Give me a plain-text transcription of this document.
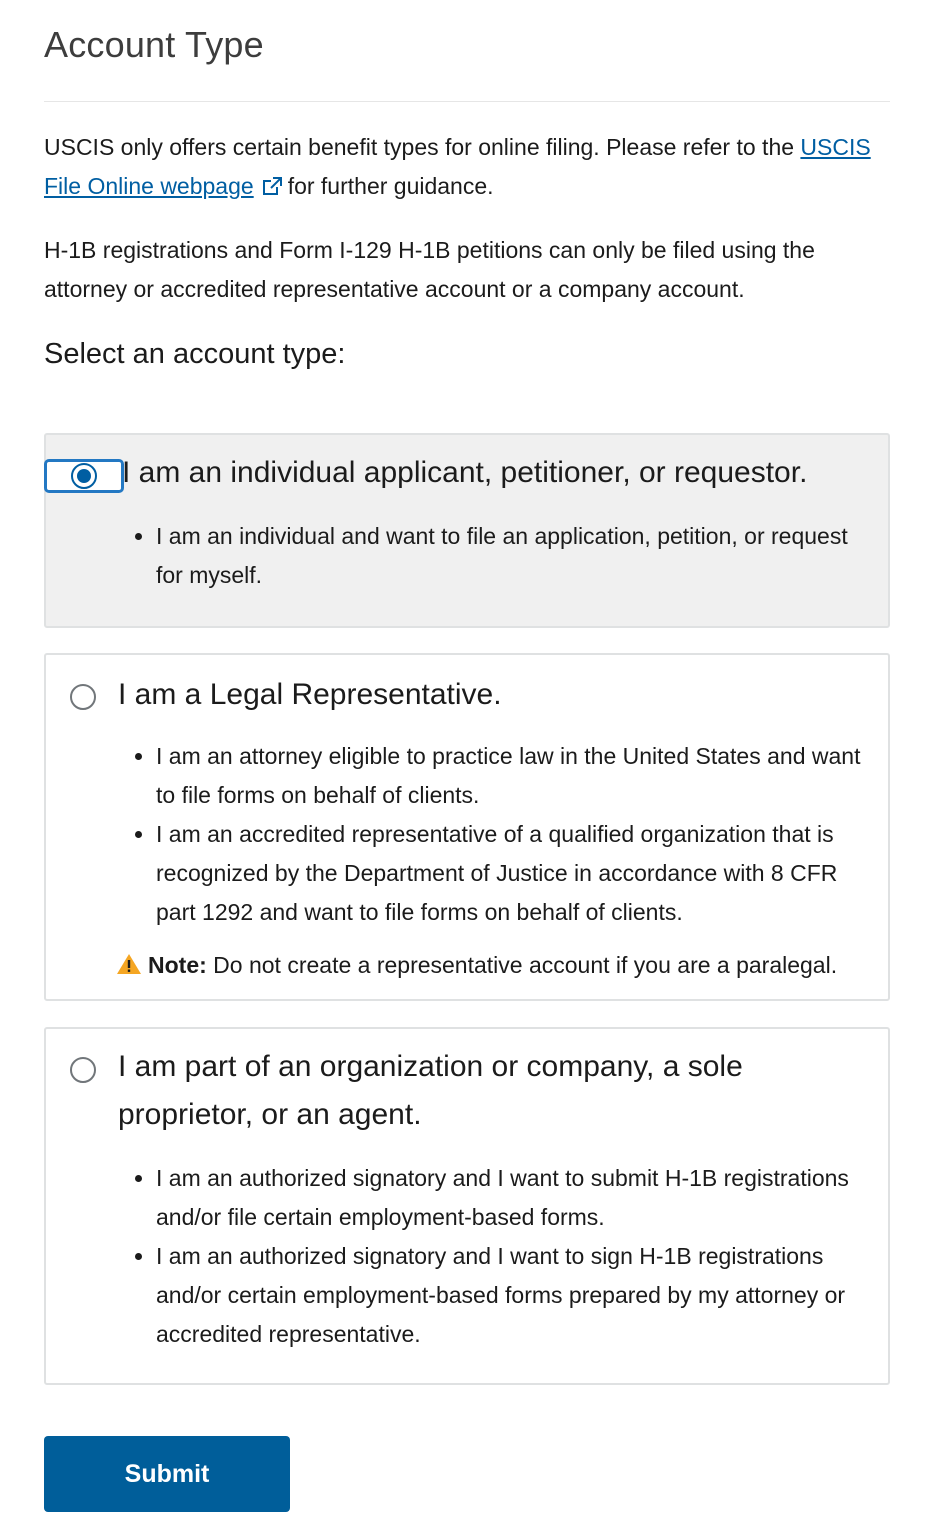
Account Type

USCIS only offers certain benefit types for online filing. Please refer to the USCIS File Online webpage for further guidance.

H-1B registrations and Form I-129 H-1B petitions can only be filed using the attorney or accredited representative account or a company account.

Select an account type:
I am an individual applicant, petitioner, or requestor.
• I am an individual and want to file an application, petition, or request for myself.
I am a Legal Representative.
• I am an attorney eligible to practice law in the United States and want to file forms on behalf of clients.
• I am an accredited representative of a qualified organization that is recognized by the Department of Justice in accordance with 8 CFR part 1292 and want to file forms on behalf of clients.

Note: Do not create a representative account if you are a paralegal.

I am part of an organization or company, a sole proprietor, or an agent.
• I am an authorized signatory and I want to submit H-1B registrations and/or file certain employment-based forms.
• I am an authorized signatory and I want to sign H-1B registrations and/or certain employment-based forms prepared by my attorney or accredited representative.
Submit
